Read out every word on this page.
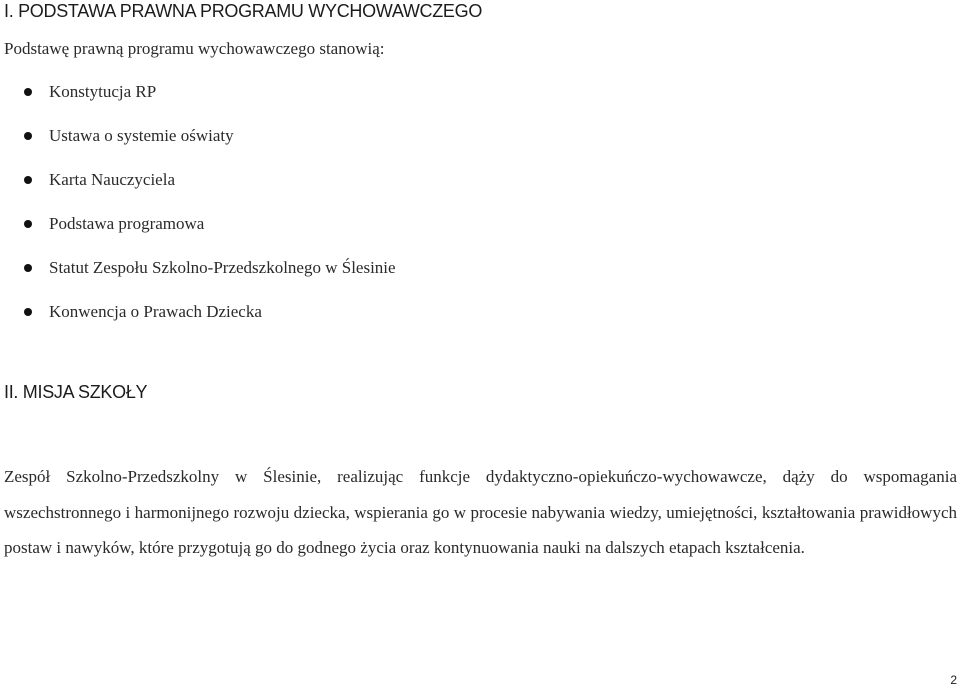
I. PODSTAWA PRAWNA PROGRAMU WYCHOWAWCZEGO

Podstawę prawną programu wychowawczego stanowią:

Konstytucja RP
Ustawa o systemie oświaty
Karta Nauczyciela
Podstawa programowa
Statut Zespołu Szkolno-Przedszkolnego w Ślesinie
Konwencja o Prawach Dziecka
II. MISJA SZKOŁY

Zespół Szkolno-Przedszkolny w Ślesinie, realizując funkcje dydaktyczno-opiekuńczo-wychowawcze, dąży do wspomagania wszechstronnego i harmonijnego rozwoju dziecka, wspierania go w procesie nabywania wiedzy, umiejętności, kształtowania prawidłowych postaw i nawyków, które przygotują go do godnego życia oraz kontynuowania nauki na dalszych etapach kształcenia.

2
